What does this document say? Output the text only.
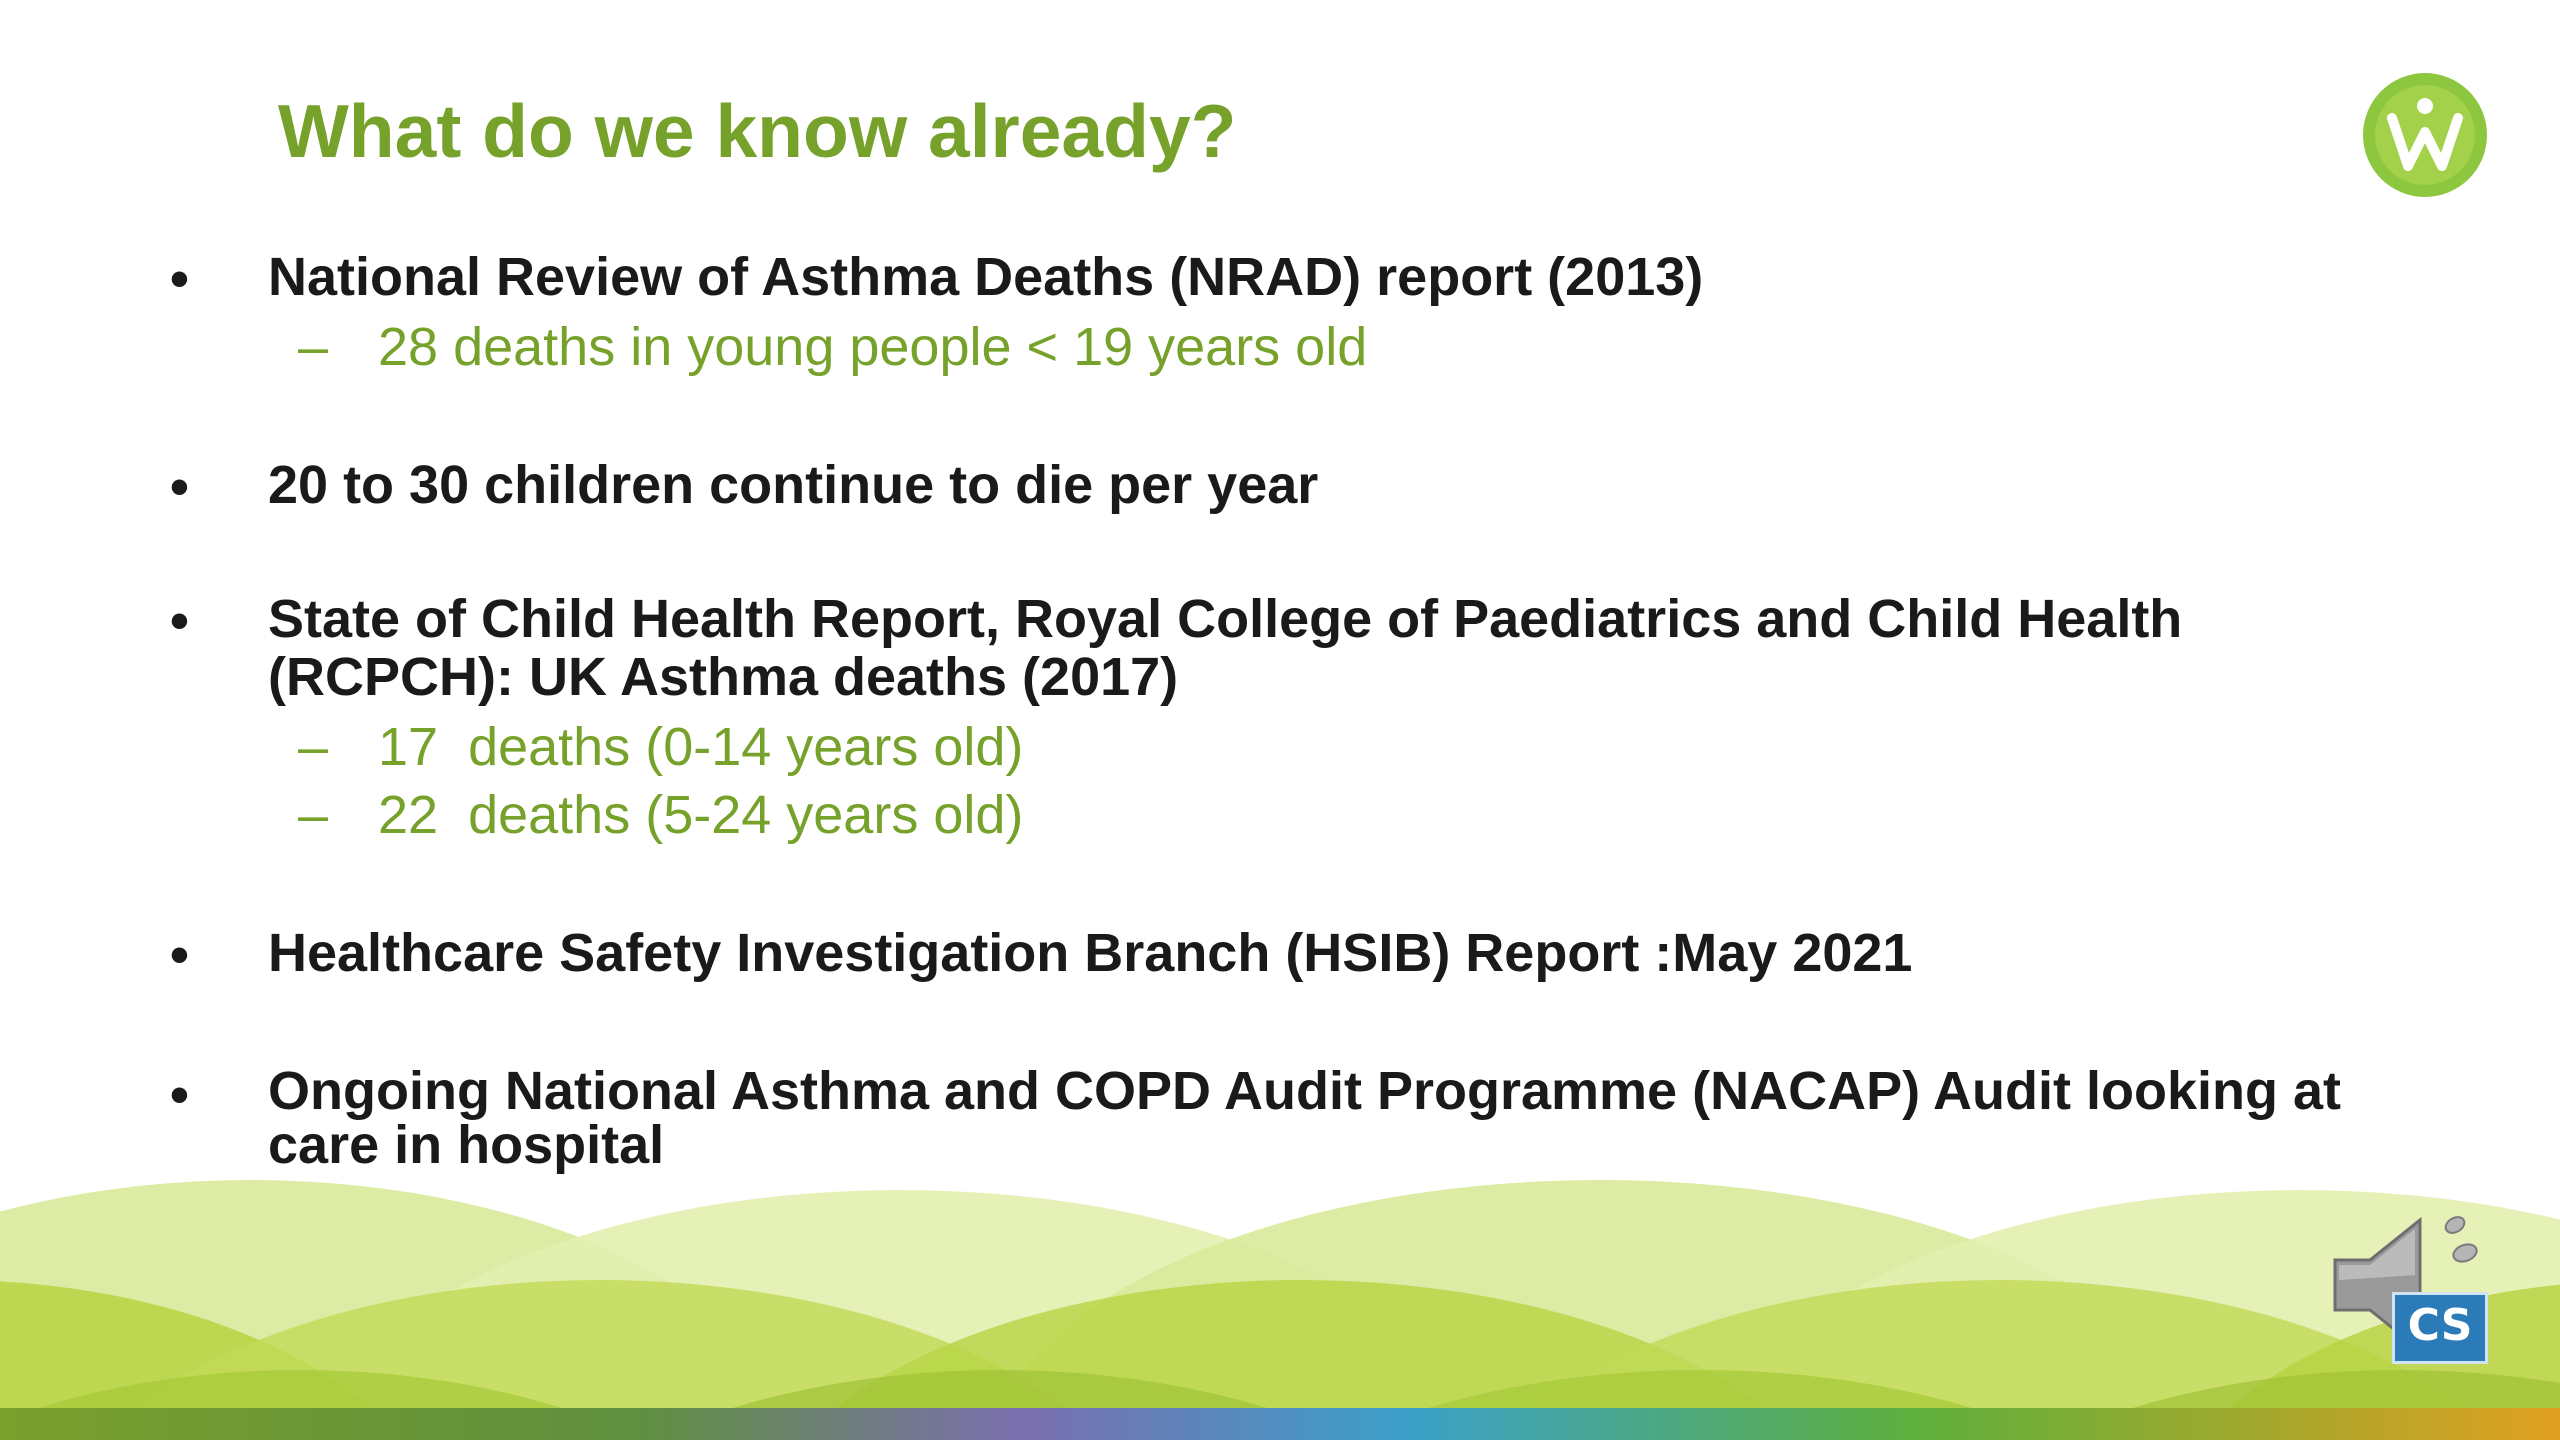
What do we know already?
• National Review of Asthma Deaths (NRAD) report (2013)
– 28 deaths in young people < 19 years old
• 20 to 30 children continue to die per year
• State of Child Health Report, Royal College of Paediatrics and Child Health (RCPCH): UK Asthma deaths (2017)
– 17  deaths (0-14 years old)
– 22  deaths (5-24 years old)
• Healthcare Safety Investigation Branch (HSIB) Report :May 2021
• Ongoing National Asthma and COPD Audit Programme (NACAP) Audit looking at care in hospital
CS
